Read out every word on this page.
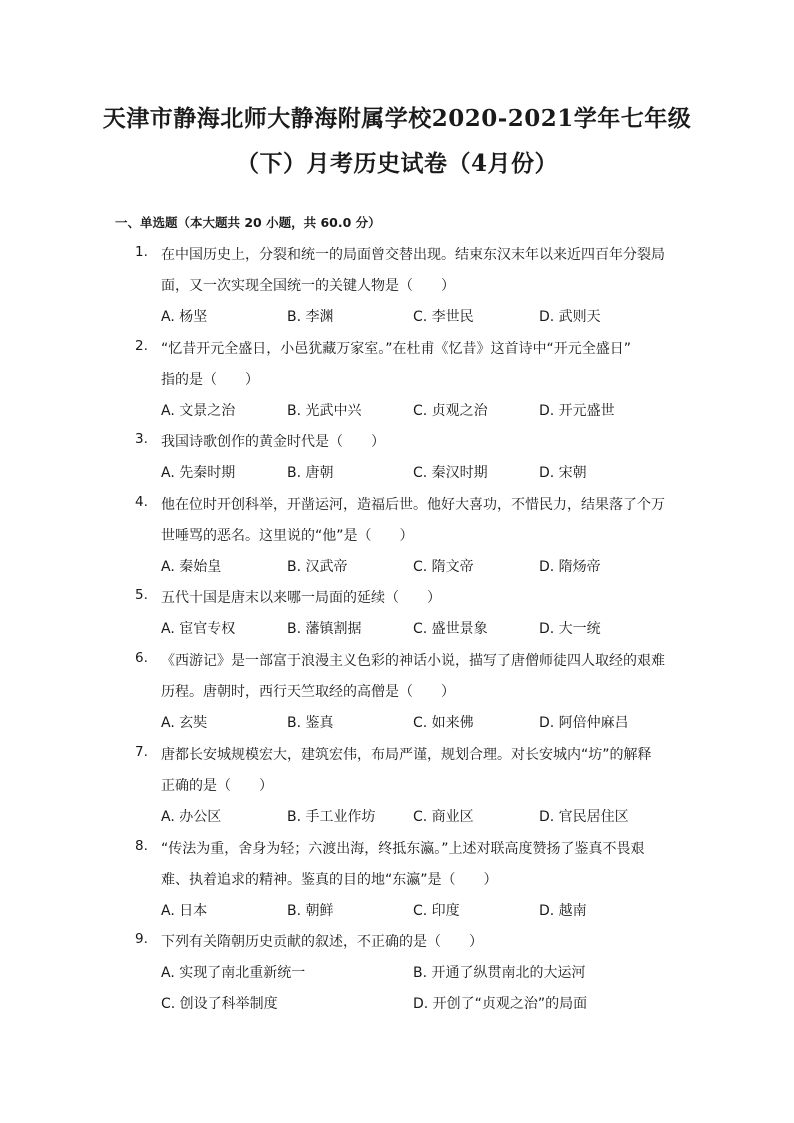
天津市静海北师大静海附属学校2020-2021学年七年级
（下）月考历史试卷（4月份）
一、单选题（本大题共 20 小题，共 60.0 分）
1. 在中国历史上，分裂和统一的局面曾交替出现。结束东汉末年以来近四百年分裂局
面，又一次实现全国统一的关键人物是（　　）
A. 杨坚	B. 李渊	C. 李世民	D. 武则天
2. “忆昔开元全盛日，小邑犹藏万家室。”在杜甫《忆昔》这首诗中“开元全盛日”
指的是（　　）
A. 文景之治	B. 光武中兴	C. 贞观之治	D. 开元盛世
3. 我国诗歌创作的黄金时代是（　　）
A. 先秦时期	B. 唐朝	C. 秦汉时期	D. 宋朝
4. 他在位时开创科举，开凿运河，造福后世。他好大喜功，不惜民力，结果落了个万
世唾骂的恶名。这里说的“他”是（　　）
A. 秦始皇	B. 汉武帝	C. 隋文帝	D. 隋炀帝
5. 五代十国是唐末以来哪一局面的延续（　　）
A. 宦官专权	B. 藩镇割据	C. 盛世景象	D. 大一统
6. 《西游记》是一部富于浪漫主义色彩的神话小说，描写了唐僧师徒四人取经的艰难
历程。唐朝时，西行天竺取经的高僧是（　　）
A. 玄奘	B. 鉴真	C. 如来佛	D. 阿倍仲麻吕
7. 唐都长安城规模宏大，建筑宏伟，布局严谨，规划合理。对长安城内“坊”的解释
正确的是（　　）
A. 办公区	B. 手工业作坊	C. 商业区	D. 官民居住区
8. “传法为重，舍身为轻；六渡出海，终抵东瀛。”上述对联高度赞扬了鉴真不畏艰
难、执着追求的精神。鉴真的目的地“东瀛”是（　　）
A. 日本	B. 朝鲜	C. 印度	D. 越南
9. 下列有关隋朝历史贡献的叙述，不正确的是（　　）
A. 实现了南北重新统一	B. 开通了纵贯南北的大运河
C. 创设了科举制度	D. 开创了“贞观之治”的局面
